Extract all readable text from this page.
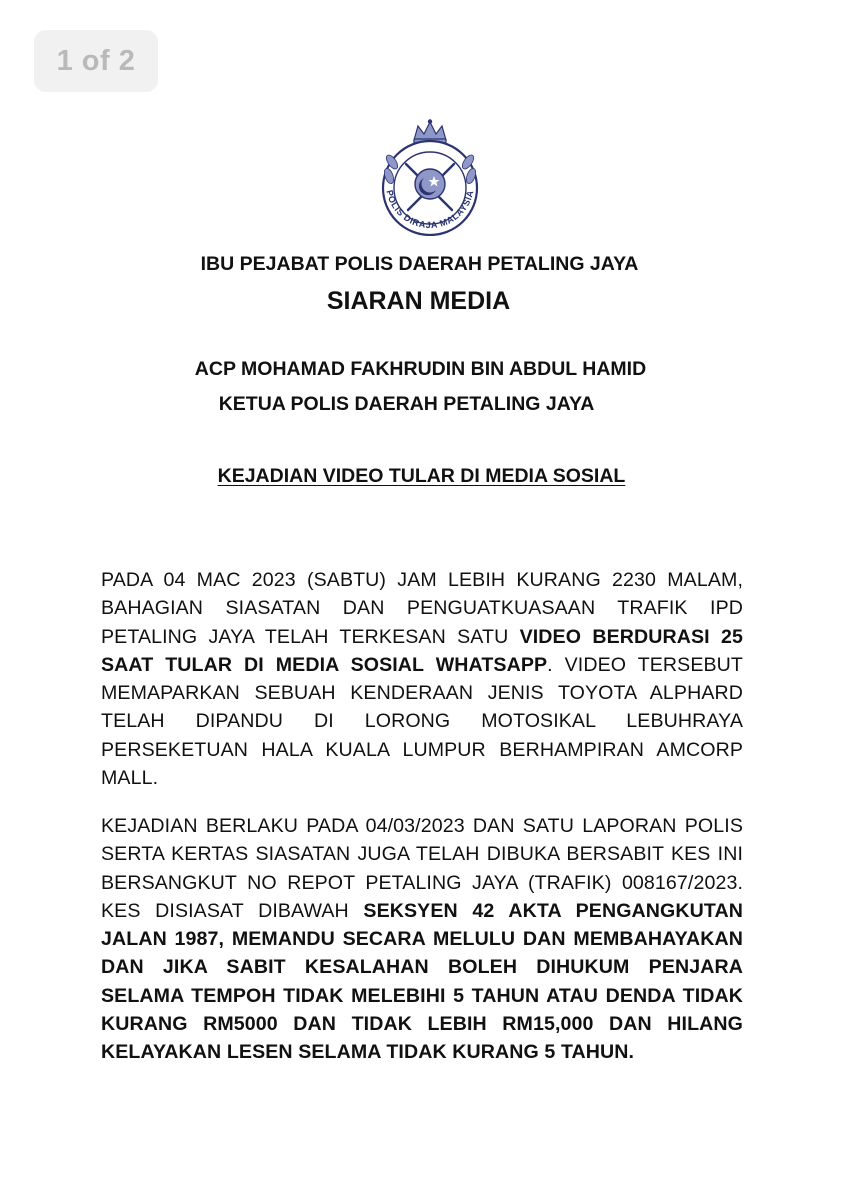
1 of 2
POLIS DIRAJA MALAYSIA
IBU PEJABAT POLIS DAERAH PETALING JAYA
SIARAN MEDIA
ACP MOHAMAD FAKHRUDIN BIN ABDUL HAMID
KETUA POLIS DAERAH PETALING JAYA
KEJADIAN VIDEO TULAR DI MEDIA SOSIAL
PADA 04 MAC 2023 (SABTU) JAM LEBIH KURANG 2230 MALAM, BAHAGIAN SIASATAN DAN PENGUATKUASAAN TRAFIK IPD PETALING JAYA TELAH TERKESAN SATU VIDEO BERDURASI 25 SAAT TULAR DI MEDIA SOSIAL WHATSAPP. VIDEO TERSEBUT MEMAPARKAN SEBUAH KENDERAAN JENIS TOYOTA ALPHARD TELAH DIPANDU DI LORONG MOTOSIKAL LEBUHRAYA PERSEKETUAN HALA KUALA LUMPUR BERHAMPIRAN AMCORP MALL.
KEJADIAN BERLAKU PADA 04/03/2023 DAN SATU LAPORAN POLIS SERTA KERTAS SIASATAN JUGA TELAH DIBUKA BERSABIT KES INI BERSANGKUT NO REPOT PETALING JAYA (TRAFIK) 008167/2023. KES DISIASAT DIBAWAH SEKSYEN 42 AKTA PENGANGKUTAN JALAN 1987, MEMANDU SECARA MELULU DAN MEMBAHAYAKAN DAN JIKA SABIT KESALAHAN BOLEH DIHUKUM PENJARA SELAMA TEMPOH TIDAK MELEBIHI 5 TAHUN ATAU DENDA TIDAK KURANG RM5000 DAN TIDAK LEBIH RM15,000 DAN HILANG KELAYAKAN LESEN SELAMA TIDAK KURANG 5 TAHUN.
